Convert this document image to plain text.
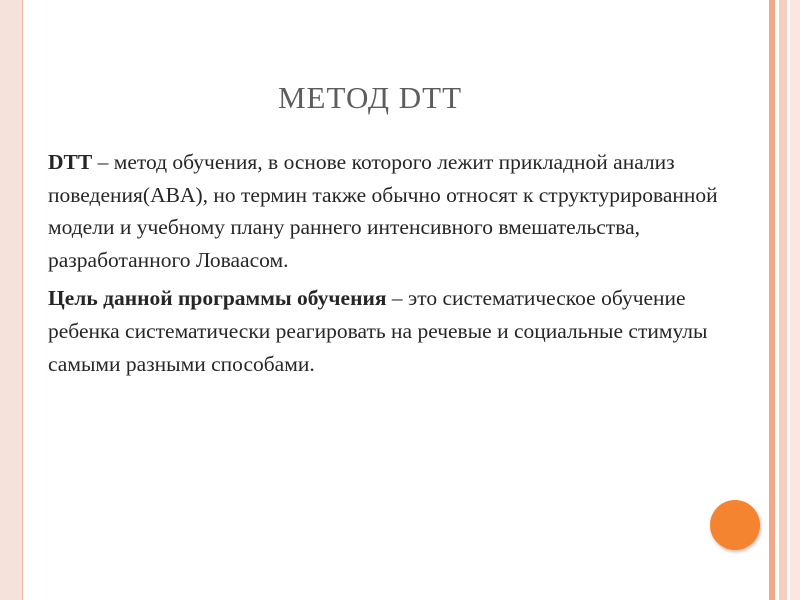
МЕТОД DTT

DTT – метод обучения, в основе которого лежит прикладной анализ поведения(ABA), но термин также обычно относят к структурированной модели и учебному плану раннего интенсивного вмешательства, разработанного Ловаасом.

Цель данной программы обучения – это систематическое обучение ребенка систематически реагировать на речевые и социальные стимулы самыми разными способами.
